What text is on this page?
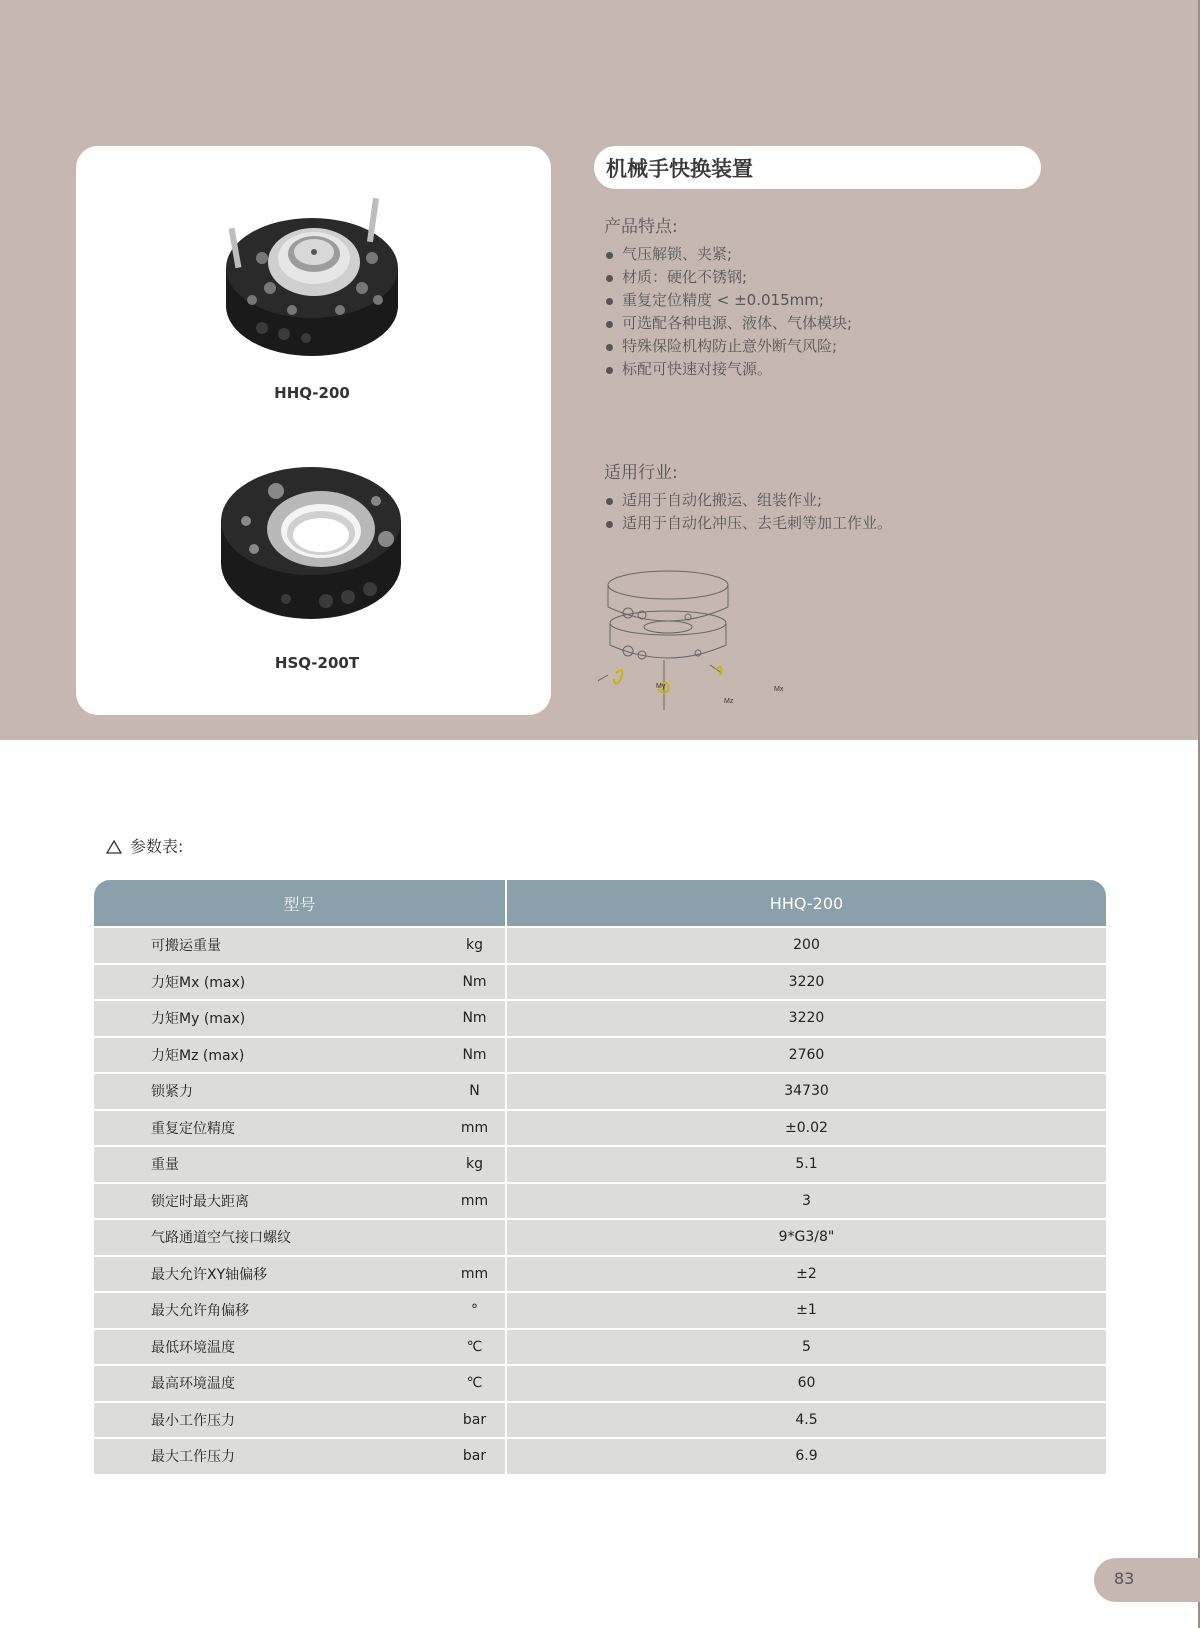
HHQ-200
HSQ-200T
机械手快换装置
产品特点:
气压解锁、夹紧;
材质：硬化不锈钢;
重复定位精度 < ±0.015mm;
可选配各种电源、液体、气体模块;
特殊保险机构防止意外断气风险;
标配可快速对接气源。
适用行业:
适用于自动化搬运、组装作业;
适用于自动化冲压、去毛刺等加工作业。
My
Mz
Mx
参数表:
型号	HHQ-200
可搬运重量	kg	200
力矩Mx (max)	Nm	3220
力矩My (max)	Nm	3220
力矩Mz (max)	Nm	2760
锁紧力	N	34730
重复定位精度	mm	±0.02
重量	kg	5.1
锁定时最大距离	mm	3
气路通道空气接口螺纹	9*G3/8"
最大允许XY轴偏移	mm	±2
最大允许角偏移	°	±1
最低环境温度	℃	5
最高环境温度	℃	60
最小工作压力	bar	4.5
最大工作压力	bar	6.9
83
